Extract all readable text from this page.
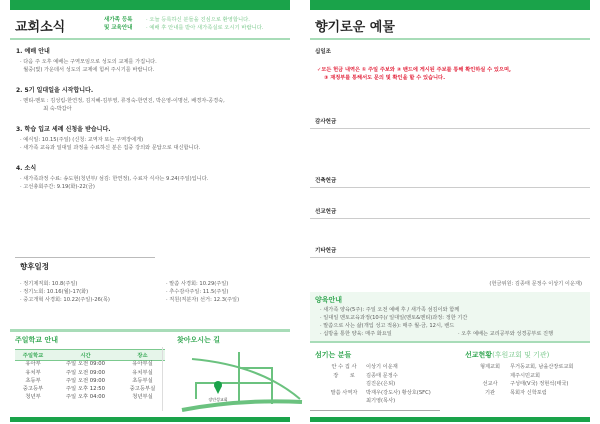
교회소식	새가족 등록
및 교육안내
· 오늘 등록하신 분들을 진심으로 환영합니다.
· 예배 후 안내를 받아 새가족실로 오시기 바랍니다.
1. 예배 안내
· 다음 주 오후 예배는 구역모임으로 성도의 교제를 가집니다.
월중(빛) 가운데서 성도의 교제에 힘써 주시기를 바랍니다.
2. 5기 일대일을 시작합니다.
· 멘티-멘토 : 김성림-한연정, 김지혜-김부영, 류정숙-한연진, 박은영-이명선, 배경자-공경숙,
최 숙-박갑아
3. 학습 입교 세례 신청을 받습니다.
· 예식일: 10.15(주일) (신청: 교역자 또는 구역장에게)
· 새가족 교육과 일대일 과정을 수료하신 분은 집중 강의와 문답으로 대신합니다.
4. 소식
· 새가족과정 수료: 송도현(청년부/ 섬김: 한연정), 수료자 식사는 9.24(주일)입니다.
· 고선총회주간: 9.19(화)-22(금)
향후일정
· 정기제직회: 10.8(주일)
· 정기노회: 10.16(월)-17(화)
· 중고개혁 사경회: 10.22(주일)-26(목)
· 말씀 사경회: 10.29(주일)
· 추수감사주일: 11.5(주일)
· 직원(직분자) 선거: 12.3(주일)
주일학교 안내
주일학교	시간	장소
유아부	주일 오전 09:00	유아부실
유치부	주일 오전 09:00	유치부실
초등부	주일 오전 09:00	초등부실
중고등부	주일 오후 12:50	중고등부실
청년부	주일 오후 04:00	청년부실
찾아오시는 길
장안성교회
향기로운 예물
십일조
✓모든 헌금 내역은 ① 주일 주보와 ② 밴드에 게시된 주보를 통해 확인하실 수 있으며,
③ 재정부를 통해서도 문의 및 확인을 할 수 있습니다.
감사헌금
건축헌금
선교헌금
기타헌금
(헌금위원: 김종태 문정수 이상기 이운재)
양육안내
· 새가족 양육(5주): 주일 오전 예배 후 / 새가족 섬김이와 함께
· 일대일 멘토교육과정(10주)/ 일대일(멘토&멘티)과정: 정한 기간
· 말씀으로 사는 삶(개입 성고 적용): 매주 월-금, 12시, 밴드
· 십방을 통한 양육: 매주 화요일	· 오후 예배는 교리공부와 성경공부로 진행
섬기는 분들
안 수 집 사	이상기 이운재
장       로	김종태 문정수
김진운(은퇴)
말씀 사역자	박재우(강도사) 황상호(SFC)
최기영(목사)
선교현황(후원교회 및 기관)
형제교회	무거동교회, 남을산장로교회
제주시민교회
선교사	구성태(V국) 정현석(태국)
기관	목회자 신학포럼
